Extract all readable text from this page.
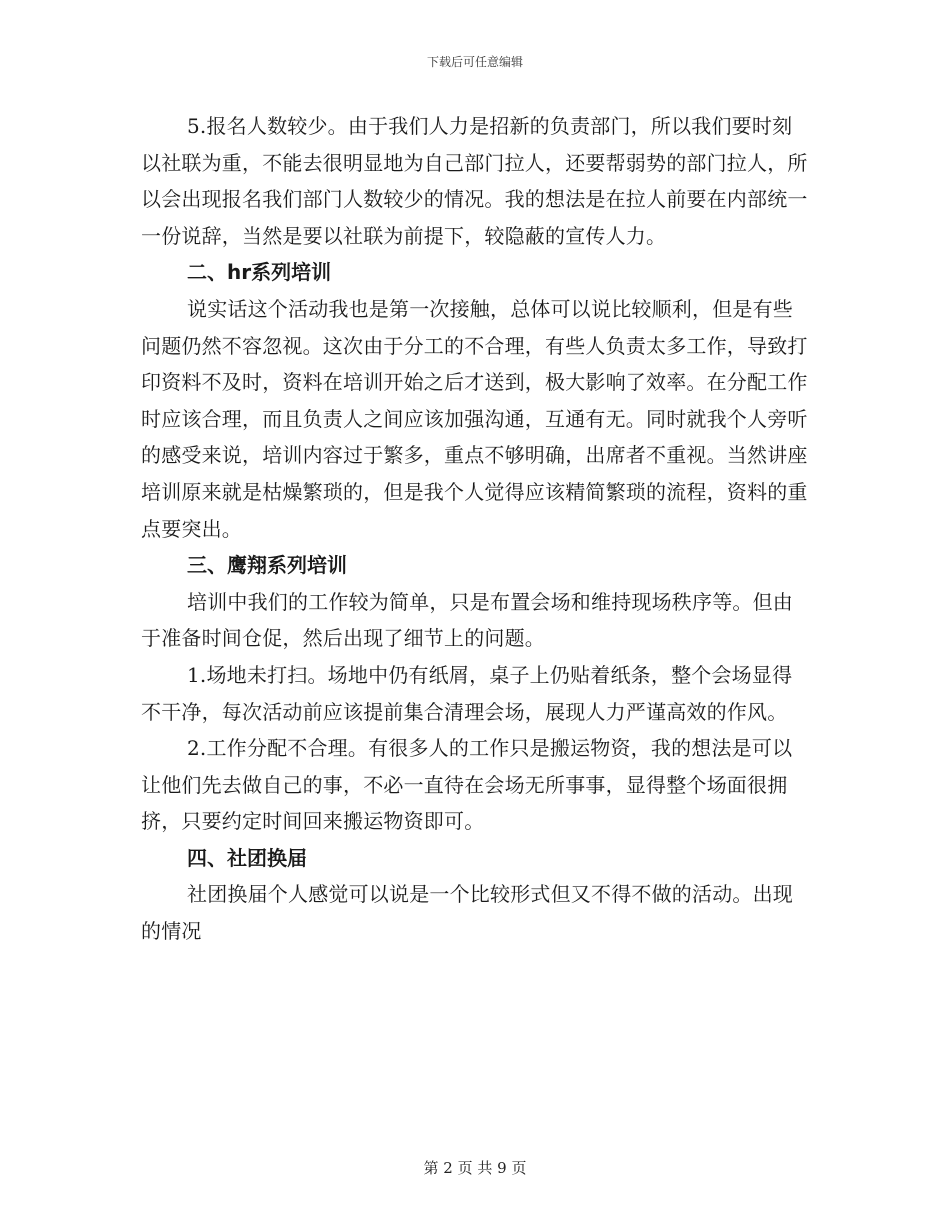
下载后可任意编辑

5.报名人数较少。由于我们人力是招新的负责部门，所以我们要时刻以社联为重，不能去很明显地为自己部门拉人，还要帮弱势的部门拉人，所以会出现报名我们部门人数较少的情况。我的想法是在拉人前要在内部统一一份说辞，当然是要以社联为前提下，较隐蔽的宣传人力。

二、hr系列培训

说实话这个活动我也是第一次接触，总体可以说比较顺利，但是有些问题仍然不容忽视。这次由于分工的不合理，有些人负责太多工作，导致打印资料不及时，资料在培训开始之后才送到，极大影响了效率。在分配工作时应该合理，而且负责人之间应该加强沟通，互通有无。同时就我个人旁听的感受来说，培训内容过于繁多，重点不够明确，出席者不重视。当然讲座培训原来就是枯燥繁琐的，但是我个人觉得应该精简繁琐的流程，资料的重点要突出。

三、鹰翔系列培训

培训中我们的工作较为简单，只是布置会场和维持现场秩序等。但由于准备时间仓促，然后出现了细节上的问题。

1.场地未打扫。场地中仍有纸屑，桌子上仍贴着纸条，整个会场显得不干净，每次活动前应该提前集合清理会场，展现人力严谨高效的作风。

2.工作分配不合理。有很多人的工作只是搬运物资，我的想法是可以让他们先去做自己的事，不必一直待在会场无所事事，显得整个场面很拥挤，只要约定时间回来搬运物资即可。

四、社团换届

社团换届个人感觉可以说是一个比较形式但又不得不做的活动。出现的情况

第 2 页 共 9 页
